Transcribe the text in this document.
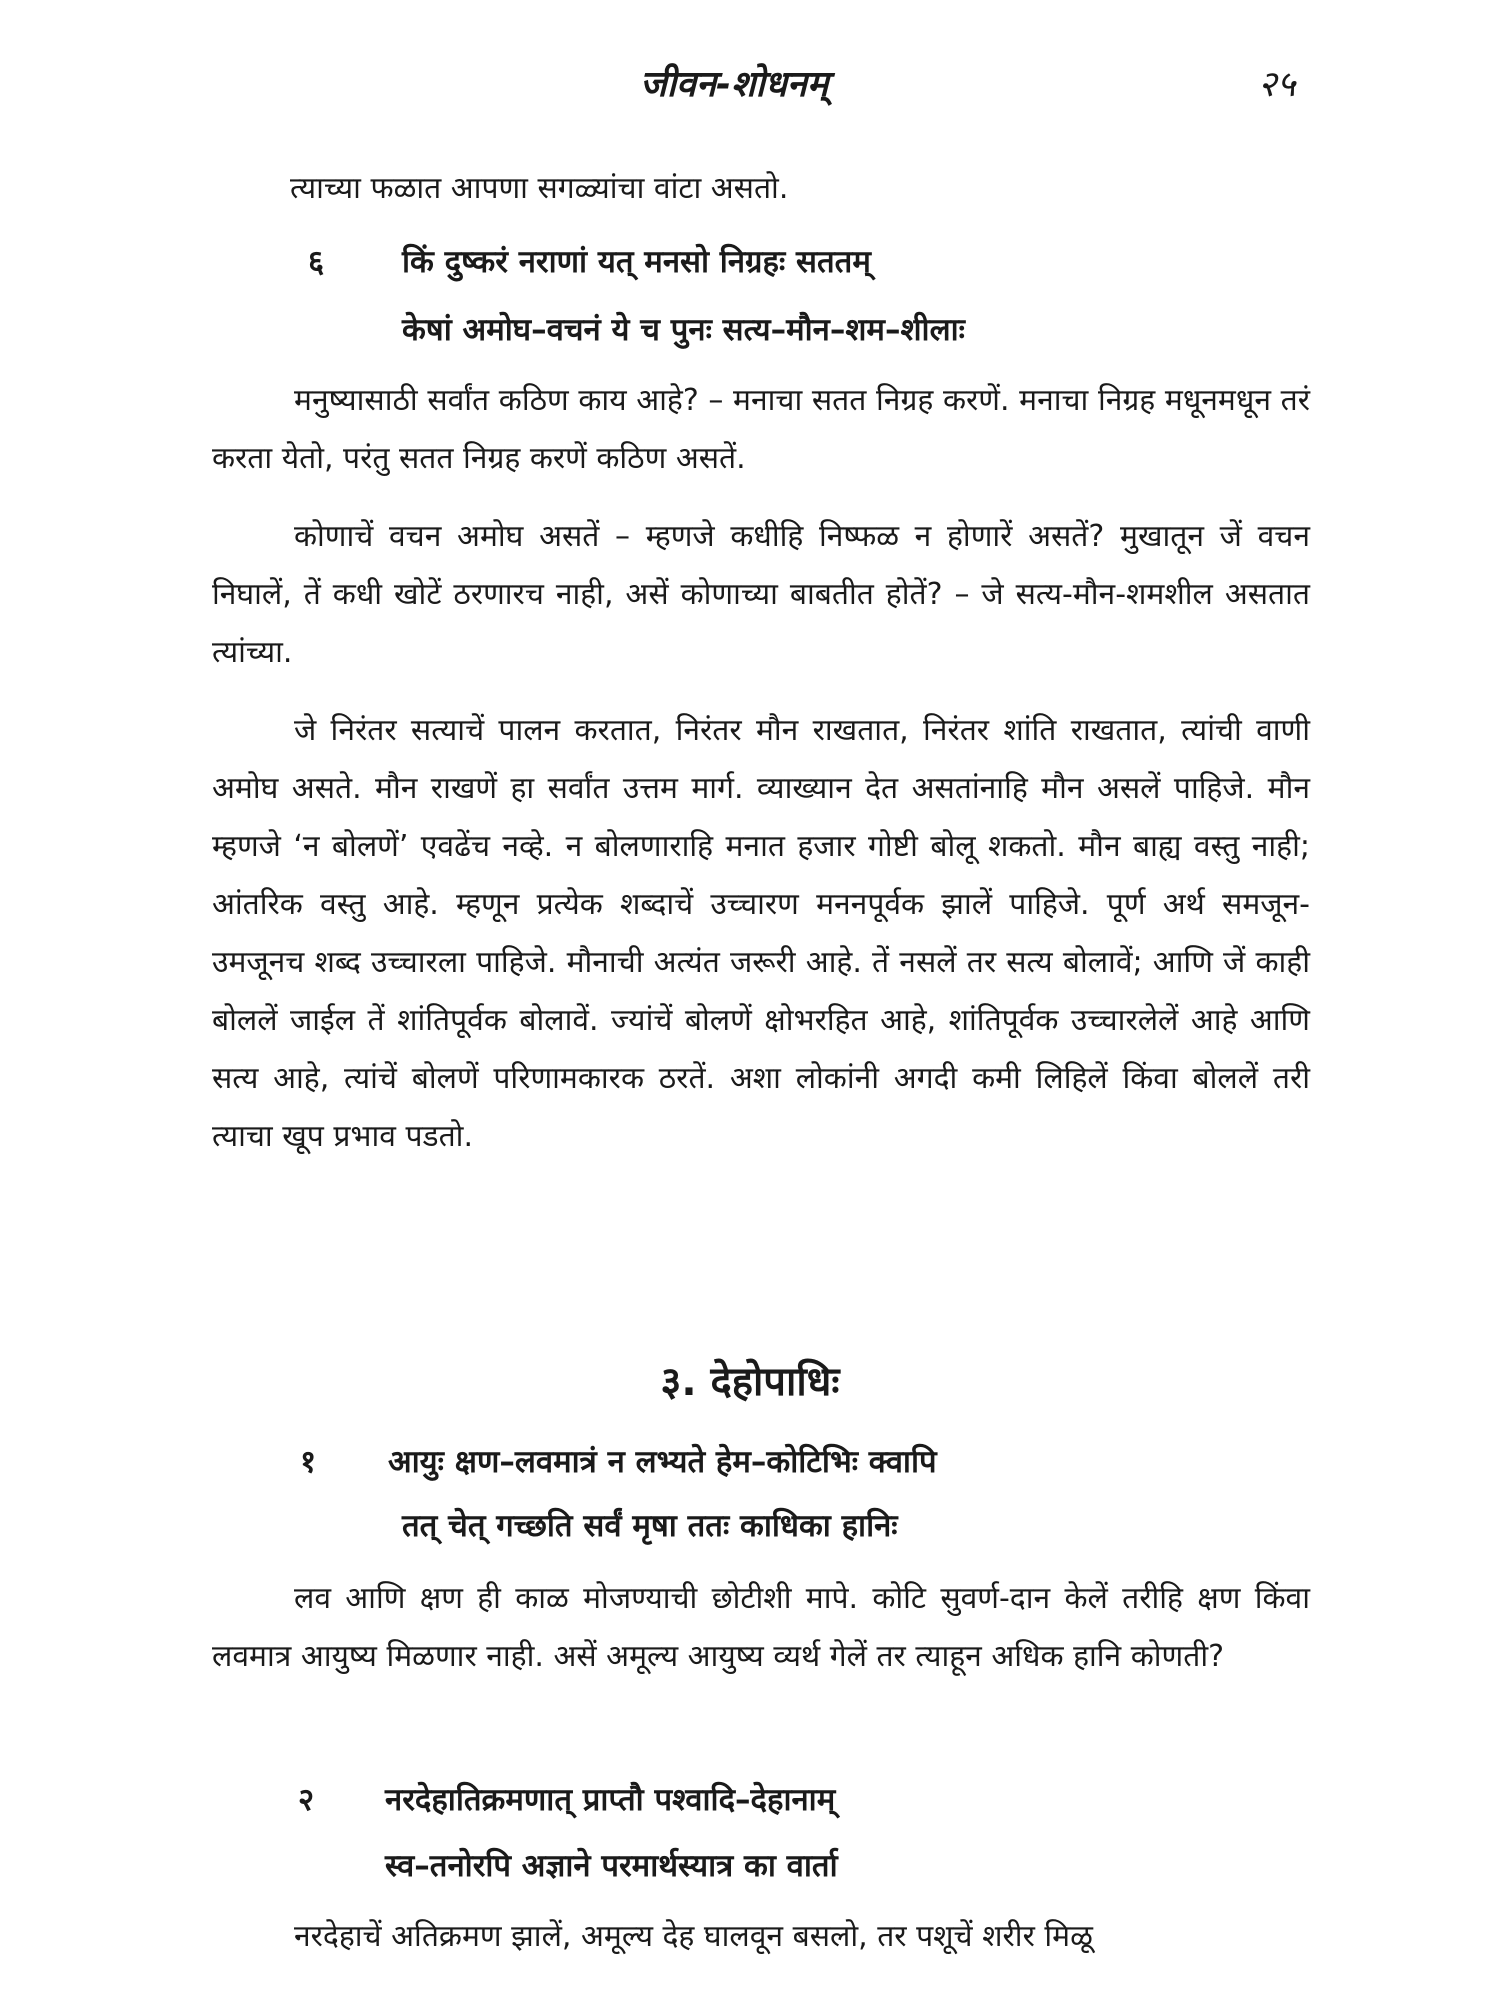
जीवन-शोधनम्	२५
त्याच्या फळात आपणा सगळ्यांचा वांटा असतो.
६	किं दुष्करं नराणां यत् मनसो निग्रहः सततम्
केषां अमोघ–वचनं ये च पुनः सत्य–मौन–शम–शीलाः
मनुष्यासाठी सर्वांत कठिण काय आहे? – मनाचा सतत निग्रह करणें. मनाचा निग्रह मधूनमधून तरं करता येतो, परंतु सतत निग्रह करणें कठिण असतें.
कोणाचें वचन अमोघ असतें – म्हणजे कधीहि निष्फळ न होणारें असतें? मुखातून जें वचन निघालें, तें कधी खोटें ठरणारच नाही, असें कोणाच्या बाबतीत होतें? – जे सत्य-मौन-शमशील असतात त्यांच्या.
जे निरंतर सत्याचें पालन करतात, निरंतर मौन राखतात, निरंतर शांति राखतात, त्यांची वाणी अमोघ असते. मौन राखणें हा सर्वांत उत्तम मार्ग. व्याख्यान देत असतांनाहि मौन असलें पाहिजे. मौन म्हणजे ‘न बोलणें’ एवढेंच नव्हे. न बोलणाराहि मनात हजार गोष्टी बोलू शकतो. मौन बाह्य वस्तु नाही; आंतरिक वस्तु आहे. म्हणून प्रत्येक शब्दाचें उच्चारण मननपूर्वक झालें पाहिजे. पूर्ण अर्थ समजून-उमजूनच शब्द उच्चारला पाहिजे. मौनाची अत्यंत जरूरी आहे. तें नसलें तर सत्य बोलावें; आणि जें काही बोललें जाईल तें शांतिपूर्वक बोलावें. ज्यांचें बोलणें क्षोभरहित आहे, शांतिपूर्वक उच्चारलेलें आहे आणि सत्य आहे, त्यांचें बोलणें परिणामकारक ठरतें. अशा लोकांनी अगदी कमी लिहिलें किंवा बोललें तरी त्याचा खूप प्रभाव पडतो.
३. देहोपाधिः
१ आयुः क्षण–लवमात्रं न लभ्यते हेम–कोटिभिः क्वापि
तत् चेत् गच्छति सर्वं मृषा ततः काधिका हानिः
लव आणि क्षण ही काळ मोजण्याची छोटीशी मापे. कोटि सुवर्ण-दान केलें तरीहि क्षण किंवा लवमात्र आयुष्य मिळणार नाही. असें अमूल्य आयुष्य व्यर्थ गेलें तर त्याहून अधिक हानि कोणती?
२ नरदेहातिक्रमणात् प्राप्तौ पश्वादि–देहानाम्
स्व–तनोरपि अज्ञाने परमार्थस्यात्र का वार्ता
नरदेहाचें अतिक्रमण झालें, अमूल्य देह घालवून बसलो, तर पशूचें शरीर मिळू
